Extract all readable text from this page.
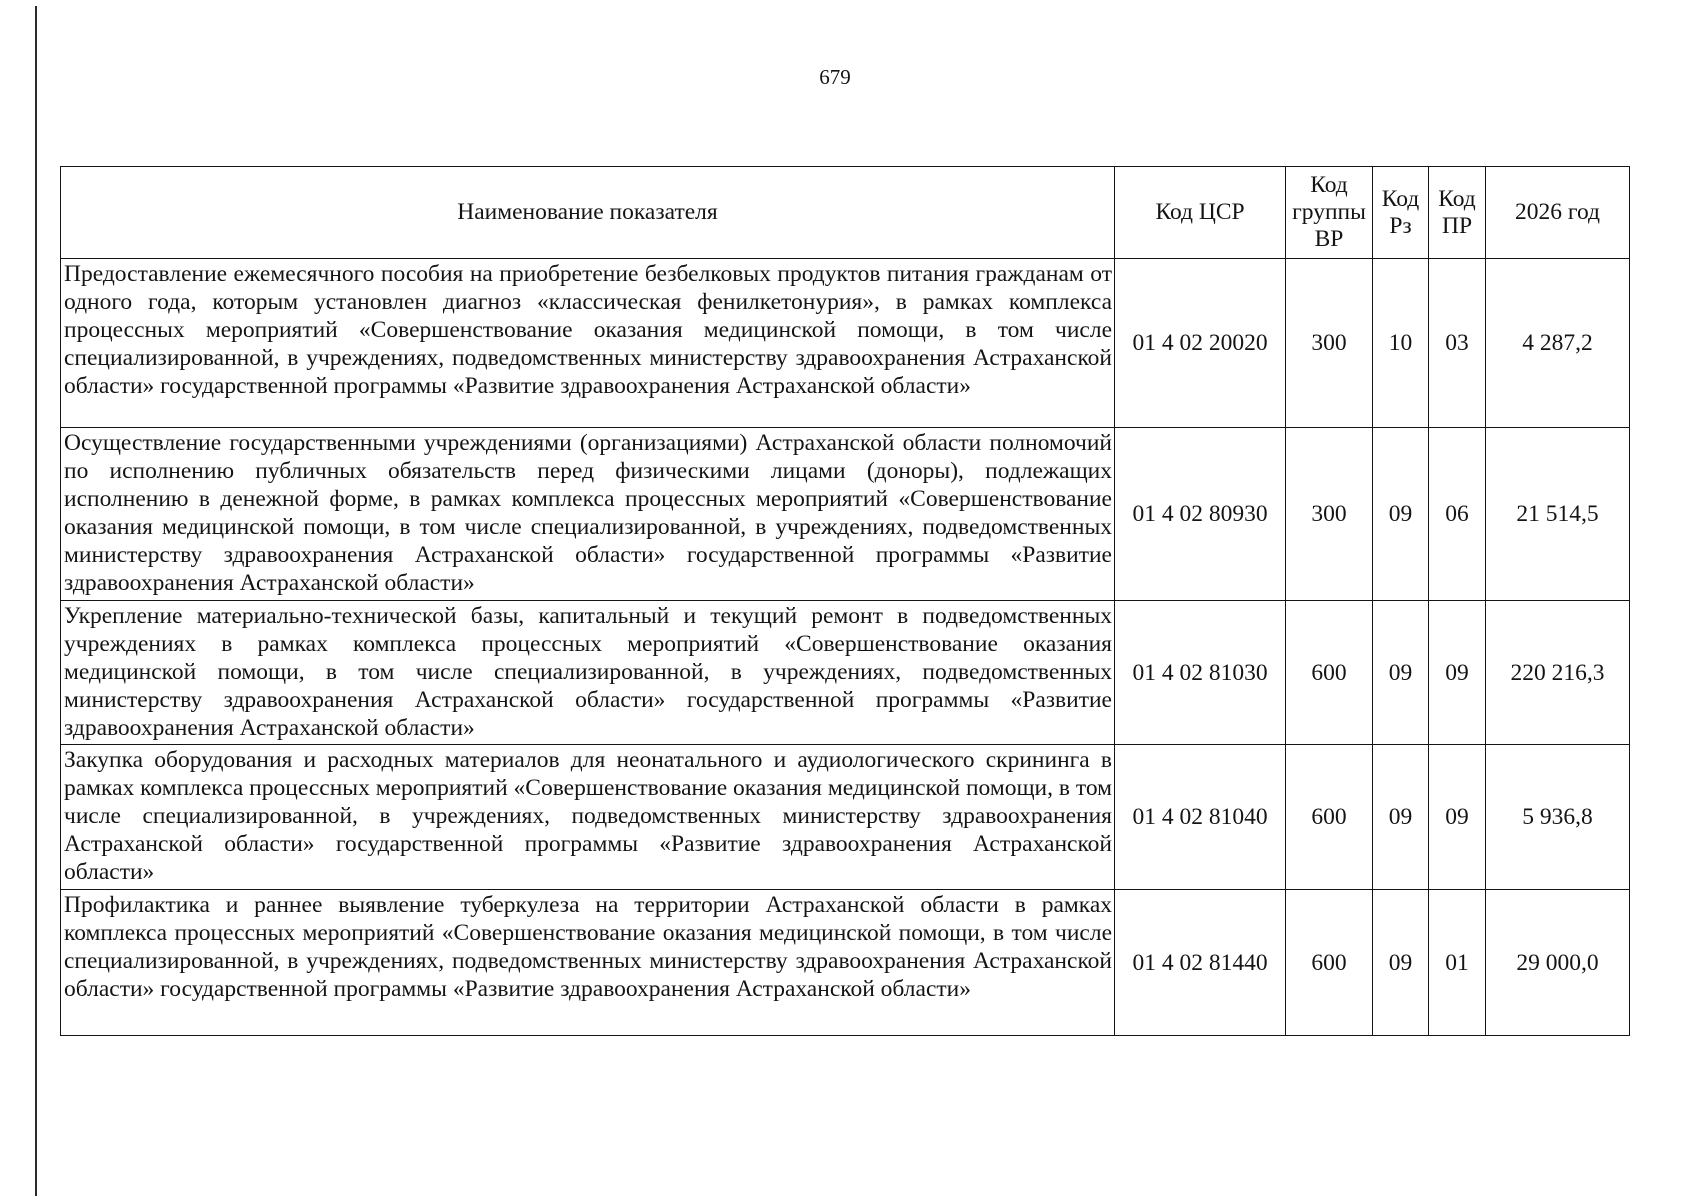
679
Наименование показателя	Код ЦСР	Код группы ВР	Код Рз	Код ПР	2026 год
Предоставление ежемесячного пособия на приобретение безбелковых продуктов питания гражданам от одного года, которым установлен диагноз «классическая фенилкетонурия», в рамках комплекса процессных мероприятий «Совершенствование оказания медицинской помощи, в том числе специализированной, в учреждениях, подведомственных министерству здравоохранения Астраханской области» государственной программы «Развитие здравоохранения Астраханской области»	01 4 02 20020	300	10	03	4 287,2
Осуществление государственными учреждениями (организациями) Астраханской области полномочий по исполнению публичных обязательств перед физическими лицами (доноры), подлежащих исполнению в денежной форме, в рамках комплекса процессных мероприятий «Совершенствование оказания медицинской помощи, в том числе специализированной, в учреждениях, подведомственных министерству здравоохранения Астраханской области» государственной программы «Развитие здравоохранения Астраханской области»	01 4 02 80930	300	09	06	21 514,5
Укрепление материально-технической базы, капитальный и текущий ремонт в подведомственных учреждениях в рамках комплекса процессных мероприятий «Совершенствование оказания медицинской помощи, в том числе специализированной, в учреждениях, подведомственных министерству здравоохранения Астраханской области» государственной программы «Развитие здравоохранения Астраханской области»	01 4 02 81030	600	09	09	220 216,3
Закупка оборудования и расходных материалов для неонатального и аудиологического скрининга в рамках комплекса процессных мероприятий «Совершенствование оказания медицинской помощи, в том числе специализированной, в учреждениях, подведомственных министерству здравоохранения Астраханской области» государственной программы «Развитие здравоохранения Астраханской области»	01 4 02 81040	600	09	09	5 936,8
Профилактика и раннее выявление туберкулеза на территории Астраханской области в рамках комплекса процессных мероприятий «Совершенствование оказания медицинской помощи, в том числе специализированной, в учреждениях, подведомственных министерству здравоохранения Астраханской области» государственной программы «Развитие здравоохранения Астраханской области»	01 4 02 81440	600	09	01	29 000,0
